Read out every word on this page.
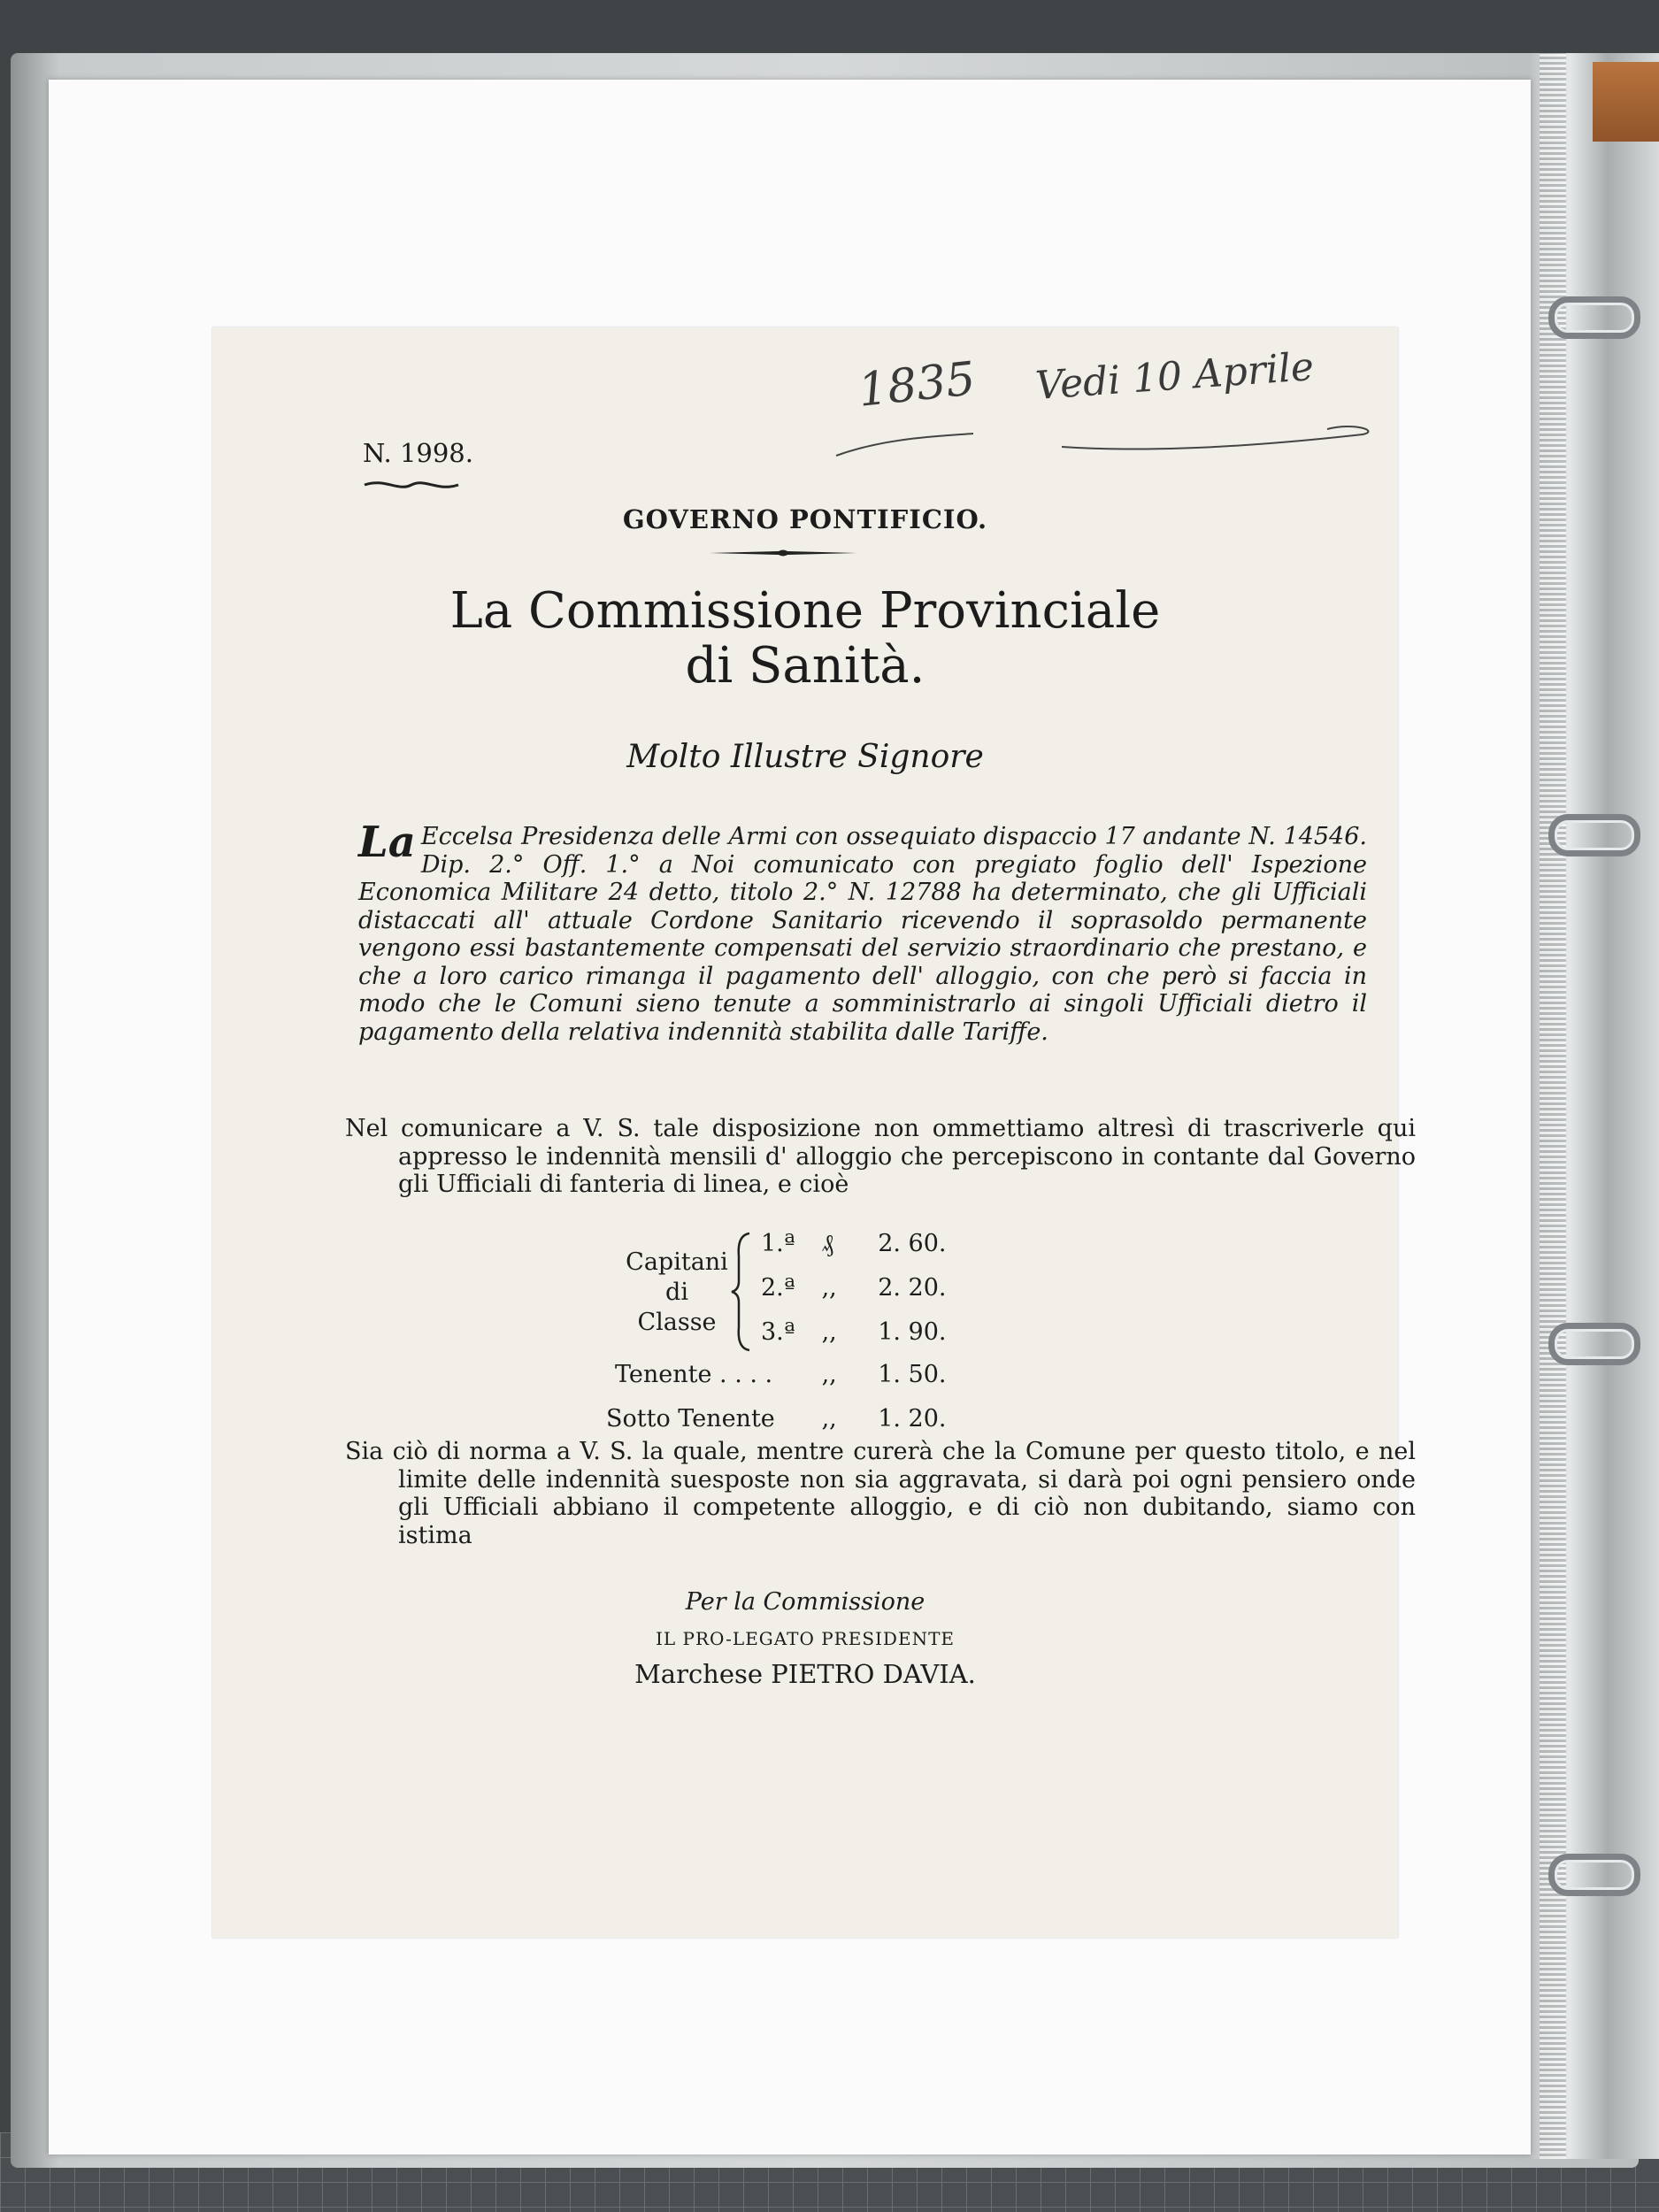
1835 Vedi 10 Aprile
N. 1998.
GOVERNO PONTIFICIO.
La Commissione Provinciale
di Sanità.
Molto Illustre Signore
La Eccelsa Presidenza delle Armi con ossequiato dispaccio 17 andante N. 14546. Dip. 2.° Off. 1.° a Noi comunicato con pregiato foglio dell' Ispezione Economica Militare 24 detto, titolo 2.° N. 12788 ha determinato, che gli Ufficiali distaccati all' attuale Cordone Sanitario ricevendo il soprasoldo permanente vengono essi bastantemente compensati del servizio straordinario che prestano, e che a loro carico rimanga il pagamento dell' alloggio, con che però si faccia in modo che le Comuni sieno tenute a somministrarlo ai singoli Ufficiali dietro il pagamento della relativa indennità stabilita dalle Tariffe.
Nel comunicare a V. S. tale disposizione non ommettiamo altresì di trascriverle qui appresso le indennità mensili d' alloggio che percepiscono in contante dal Governo gli Ufficiali di fanteria di linea, e cioè
Capitani
di
Classe
1.ª ₰ 2. 60.
2.ª ,, 2. 20.
3.ª ,, 1. 90.
Tenente . . . . ,, 1. 50.
Sotto Tenente ,, 1. 20.
Sia ciò di norma a V. S. la quale, mentre curerà che la Comune per questo titolo, e nel limite delle indennità suesposte non sia aggravata, si darà poi ogni pensiero onde gli Ufficiali abbiano il competente alloggio, e di ciò non dubitando, siamo con istima
Per la Commissione
IL PRO-LEGATO PRESIDENTE
Marchese PIETRO DAVIA.
